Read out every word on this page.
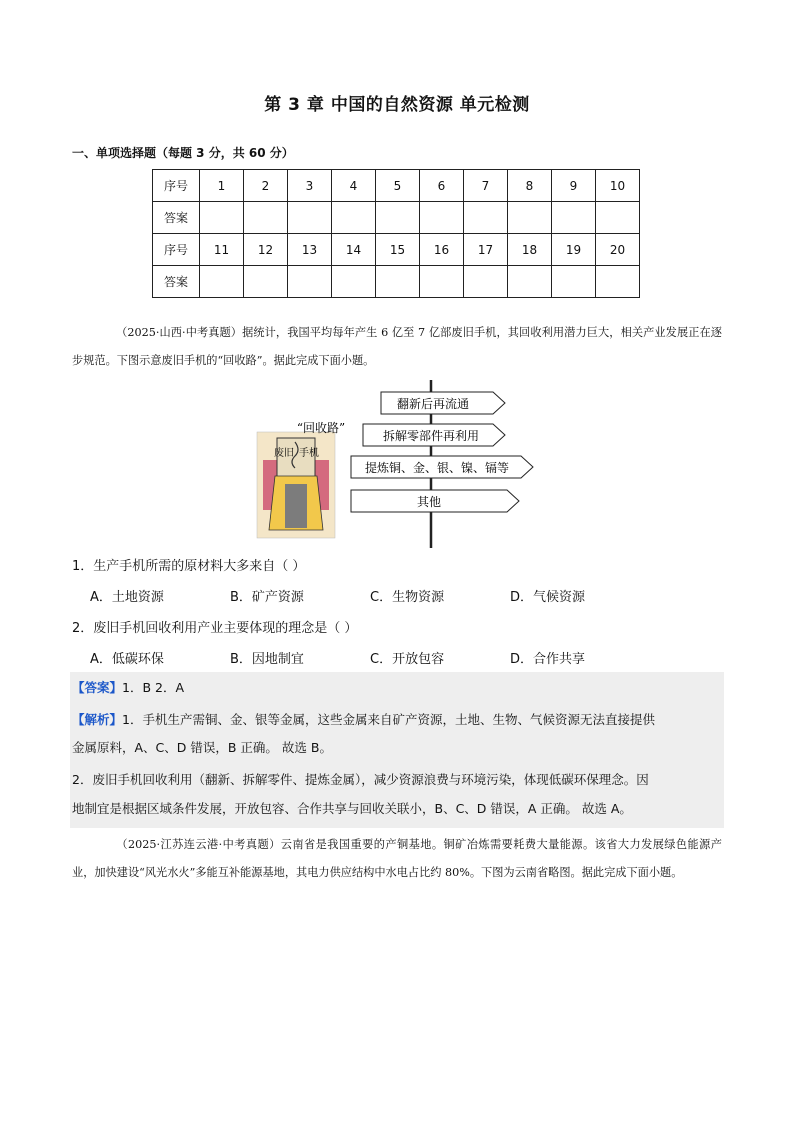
第 3 章 中国的自然资源 单元检测
一、单项选择题（每题 3 分，共 60 分）
序号	1	2	3	4	5	6	7	8	9	10
答案										
序号	11	12	13	14	15	16	17	18	19	20
答案										
（2025·山西·中考真题）据统计，我国平均每年产生 6 亿至 7 亿部废旧手机，其回收利用潜力巨大，相关产业发展正在逐步规范。下图示意废旧手机的“回收路”。据此完成下面小题。
翻新后再流通
拆解零部件再利用
提炼铜、金、银、镍、镉等
其他
废旧 手机
“回收路”
1．生产手机所需的原材料大多来自（ ）
A．土地资源	B．矿产资源	C．生物资源	D．气候资源
2．废旧手机回收利用产业主要体现的理念是（ ）
A．低碳环保	B．因地制宜	C．开放包容	D．合作共享
【答案】1．B 2．A
【解析】1．手机生产需铜、金、银等金属，这些金属来自矿产资源，土地、生物、气候资源无法直接提供
金属原料，A、C、D 错误，B 正确。 故选 B。
2．废旧手机回收利用（翻新、拆解零件、提炼金属），减少资源浪费与环境污染，体现低碳环保理念。因
地制宜是根据区域条件发展，开放包容、合作共享与回收关联小，B、C、D 错误，A 正确。 故选 A。
（2025·江苏连云港·中考真题）云南省是我国重要的产铜基地。铜矿冶炼需要耗费大量能源。该省大力发展绿色能源产业，加快建设“风光水火”多能互补能源基地，其电力供应结构中水电占比约 80%。下图为云南省略图。据此完成下面小题。
